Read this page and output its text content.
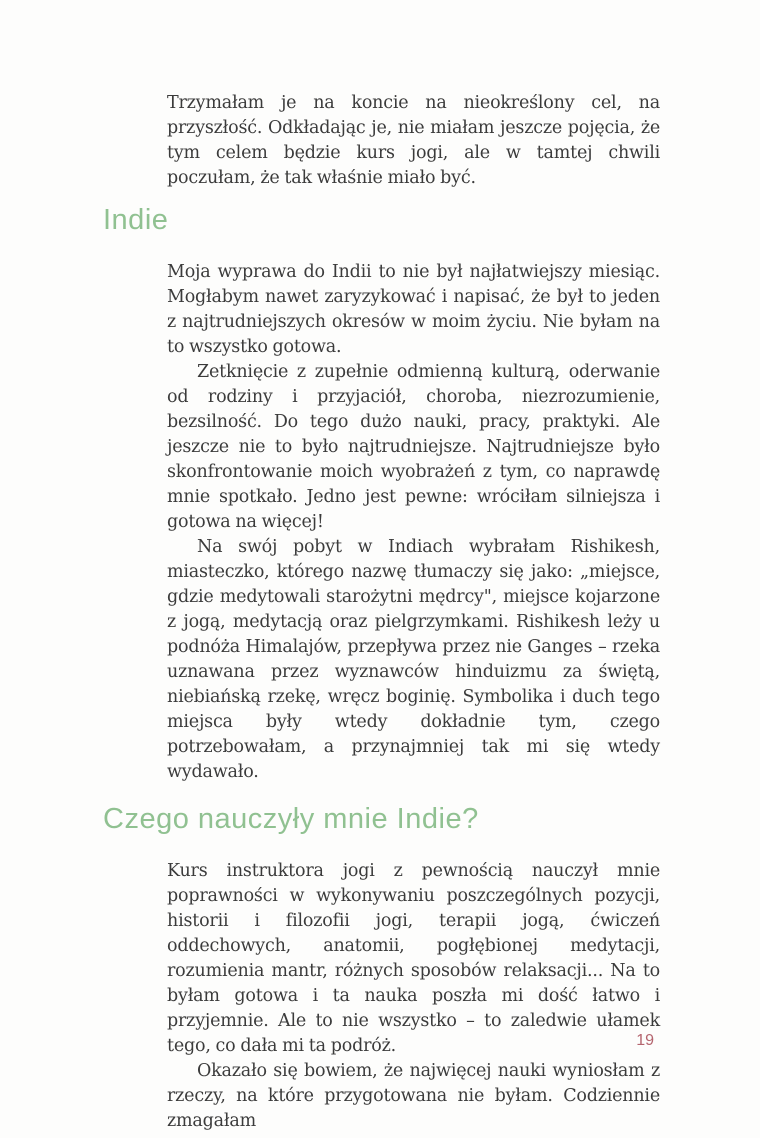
Trzymałam je na koncie na nieokreślony cel, na przyszłość. Odkładając je, nie miałam jeszcze pojęcia, że tym celem będzie kurs jogi, ale w tamtej chwili poczułam, że tak właśnie miało być.

Indie

Moja wyprawa do Indii to nie był najłatwiejszy miesiąc. Mogłabym nawet zaryzykować i napisać, że był to jeden z najtrudniejszych okresów w moim życiu. Nie byłam na to wszystko gotowa.

Zetknięcie z zupełnie odmienną kulturą, oderwanie od rodziny i przyjaciół, choroba, niezrozumienie, bezsilność. Do tego dużo nauki, pracy, praktyki. Ale jeszcze nie to było najtrudniejsze. Najtrudniejsze było skonfrontowanie moich wyobrażeń z tym, co naprawdę mnie spotkało. Jedno jest pewne: wróciłam silniejsza i gotowa na więcej!

Na swój pobyt w Indiach wybrałam Rishikesh, miasteczko, którego nazwę tłumaczy się jako: „miejsce, gdzie medytowali starożytni mędrcy", miejsce kojarzone z jogą, medytacją oraz pielgrzymkami. Rishikesh leży u podnóża Himalajów, przepływa przez nie Ganges – rzeka uznawana przez wyznawców hinduizmu za świętą, niebiańską rzekę, wręcz boginię. Symbolika i duch tego miejsca były wtedy dokładnie tym, czego potrzebowałam, a przynajmniej tak mi się wtedy wydawało.

Czego nauczyły mnie Indie?

Kurs instruktora jogi z pewnością nauczył mnie poprawności w wykonywaniu poszczególnych pozycji, historii i filozofii jogi, terapii jogą, ćwiczeń oddechowych, anatomii, pogłębionej medytacji, rozumienia mantr, różnych sposobów relaksacji... Na to byłam gotowa i ta nauka poszła mi dość łatwo i przyjemnie. Ale to nie wszystko – to zaledwie ułamek tego, co dała mi ta podróż.

Okazało się bowiem, że najwięcej nauki wyniosłam z rzeczy, na które przygotowana nie byłam. Codziennie zmagałam

19
